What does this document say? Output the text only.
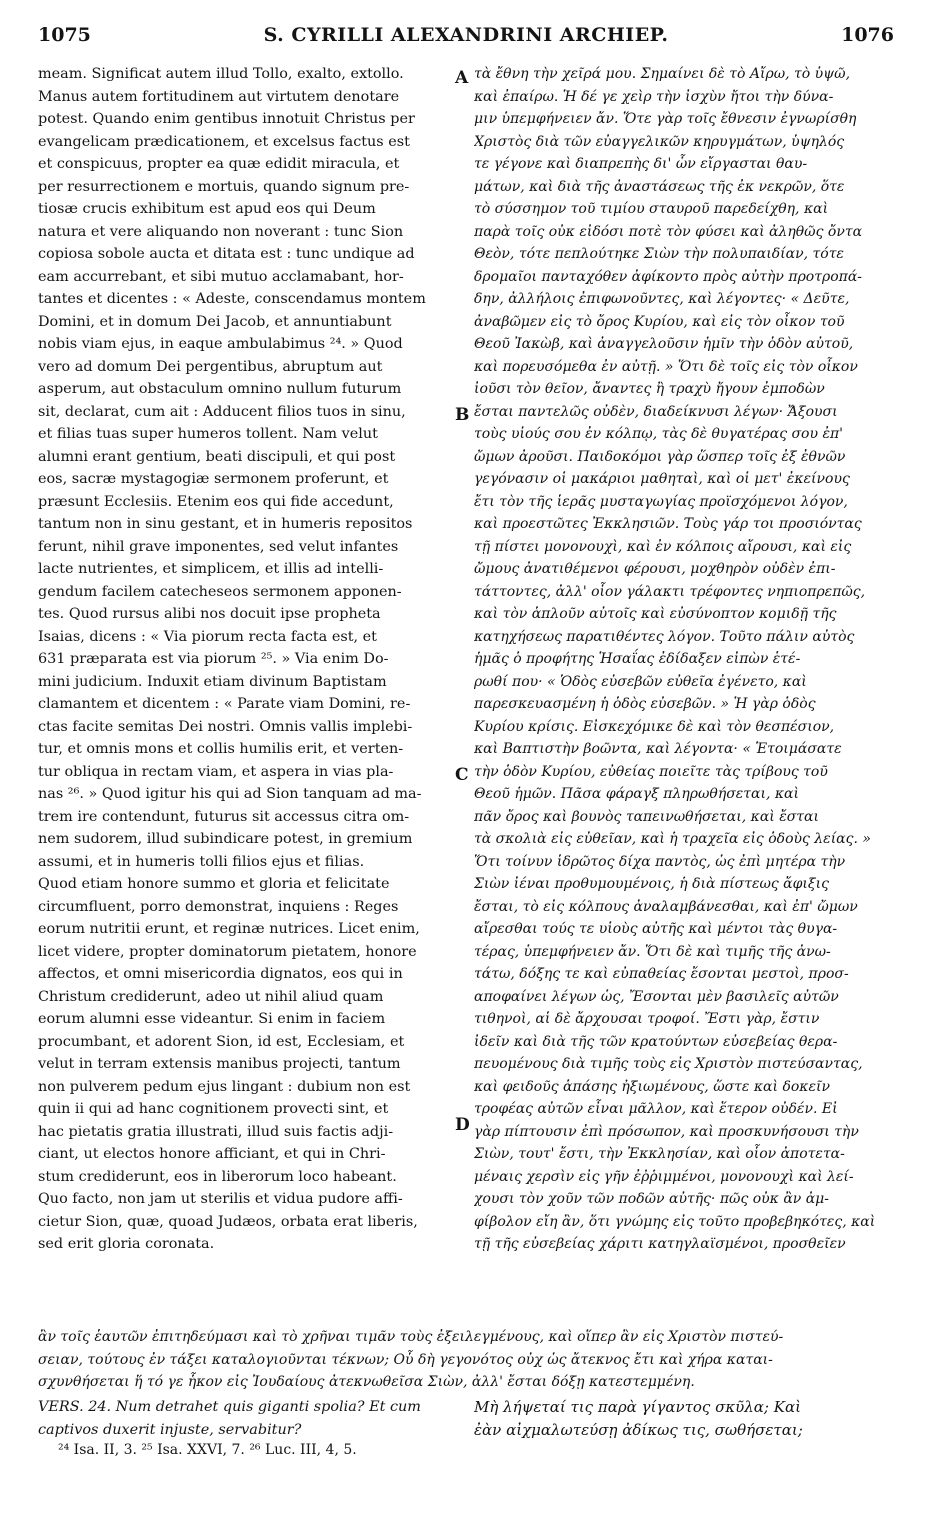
1075	S. CYRILLI ALEXANDRINI ARCHIEP.	1076
meam. Significat autem illud Tollo, exalto, extollo.
Manus autem fortitudinem aut virtutem denotare
potest. Quando enim gentibus innotuit Christus per
evangelicam prædicationem, et excelsus factus est
et conspicuus, propter ea quæ edidit miracula, et
per resurrectionem e mortuis, quando signum pre-
tiosæ crucis exhibitum est apud eos qui Deum
natura et vere aliquando non noverant : tunc Sion
copiosa sobole aucta et ditata est : tunc undique ad
eam accurrebant, et sibi mutuo acclamabant, hor-
tantes et dicentes : « Adeste, conscendamus montem
Domini, et in domum Dei Jacob, et annuntiabunt
nobis viam ejus, in eaque ambulabimus ²⁴. » Quod
vero ad domum Dei pergentibus, abruptum aut
asperum, aut obstaculum omnino nullum futurum
sit, declarat, cum ait : Adducent filios tuos in sinu,
et filias tuas super humeros tollent. Nam velut
alumni erant gentium, beati discipuli, et qui post
eos, sacræ mystagogiæ sermonem proferunt, et
præsunt Ecclesiis. Etenim eos qui fide accedunt,
tantum non in sinu gestant, et in humeris repositos
ferunt, nihil grave imponentes, sed velut infantes
lacte nutrientes, et simplicem, et illis ad intelli-
gendum facilem catecheseos sermonem apponen-
tes. Quod rursus alibi nos docuit ipse propheta
Isaias, dicens : « Via piorum recta facta est, et
631 præparata est via piorum ²⁵. » Via enim Do-
mini judicium. Induxit etiam divinum Baptistam
clamantem et dicentem : « Parate viam Domini, re-
ctas facite semitas Dei nostri. Omnis vallis implebi-
tur, et omnis mons et collis humilis erit, et verten-
tur obliqua in rectam viam, et aspera in vias pla-
nas ²⁶. » Quod igitur his qui ad Sion tanquam ad ma-
trem ire contendunt, futurus sit accessus citra om-
nem sudorem, illud subindicare potest, in gremium
assumi, et in humeris tolli filios ejus et filias.
Quod etiam honore summo et gloria et felicitate
circumfluent, porro demonstrat, inquiens : Reges
eorum nutritii erunt, et reginæ nutrices. Licet enim,
licet videre, propter dominatorum pietatem, honore
affectos, et omni misericordia dignatos, eos qui in
Christum crediderunt, adeo ut nihil aliud quam
eorum alumni esse videantur. Si enim in faciem
procumbant, et adorent Sion, id est, Ecclesiam, et
velut in terram extensis manibus projecti, tantum
non pulverem pedum ejus lingant : dubium non est
quin ii qui ad hanc cognitionem provecti sint, et
hac pietatis gratia illustrati, illud suis factis adji-
ciant, ut electos honore afficiant, et qui in Chri-
stum crediderunt, eos in liberorum loco habeant.
Quo facto, non jam ut sterilis et vidua pudore affi-
cietur Sion, quæ, quoad Judæos, orbata erat liberis,
sed erit gloria coronata.
τὰ ἔθνη τὴν χεῖρά μου. Σημαίνει δὲ τὸ Αἴρω, τὸ ὑψῶ,
καὶ ἐπαίρω. Ἡ δέ γε χεὶρ τὴν ἰσχὺν ἤτοι τὴν δύνα-
μιν ὑπεμφήνειεν ἄν. Ὅτε γὰρ τοῖς ἔθνεσιν ἐγνωρίσθη
Χριστὸς διὰ τῶν εὐαγγελικῶν κηρυγμάτων, ὑψηλός
τε γέγονε καὶ διαπρεπὴς δι' ὧν εἴργασται θαυ-
μάτων, καὶ διὰ τῆς ἀναστάσεως τῆς ἐκ νεκρῶν, ὅτε
τὸ σύσσημον τοῦ τιμίου σταυροῦ παρεδείχθη, καὶ
παρὰ τοῖς οὐκ εἰδόσι ποτὲ τὸν φύσει καὶ ἀληθῶς ὄντα
Θεὸν, τότε πεπλούτηκε Σιὼν τὴν πολυπαιδίαν, τότε
δρομαῖοι πανταχόθεν ἀφίκοντο πρὸς αὐτὴν προτροπά-
δην, ἀλλήλοις ἐπιφωνοῦντες, καὶ λέγοντες· « Δεῦτε,
ἀναβῶμεν εἰς τὸ ὄρος Κυρίου, καὶ εἰς τὸν οἶκον τοῦ
Θεοῦ Ἰακὼβ, καὶ ἀναγγελοῦσιν ἡμῖν τὴν ὁδὸν αὐτοῦ,
καὶ πορευσόμεθα ἐν αὐτῇ. » Ὅτι δὲ τοῖς εἰς τὸν οἶκον
ἰοῦσι τὸν θεῖον, ἄναντες ἢ τραχὺ ἤγουν ἐμποδὼν
ἔσται παντελῶς οὐδὲν, διαδείκνυσι λέγων· Ἄξουσι
τοὺς υἱούς σου ἐν κόλπῳ, τὰς δὲ θυγατέρας σου ἐπ'
ὤμων ἀροῦσι. Παιδοκόμοι γὰρ ὥσπερ τοῖς ἐξ ἐθνῶν
γεγόνασιν οἱ μακάριοι μαθηταὶ, καὶ οἱ μετ' ἐκείνους
ἔτι τὸν τῆς ἱερᾶς μυσταγωγίας προϊσχόμενοι λόγον,
καὶ προεστῶτες Ἐκκλησιῶν. Τοὺς γάρ τοι προσιόντας
τῇ πίστει μονονουχὶ, καὶ ἐν κόλποις αἴρουσι, καὶ εἰς
ὤμους ἀνατιθέμενοι φέρουσι, μοχθηρὸν οὐδὲν ἐπι-
τάττοντες, ἀλλ' οἷον γάλακτι τρέφοντες νηπιοπρεπῶς,
καὶ τὸν ἁπλοῦν αὐτοῖς καὶ εὐσύνοπτον κομιδῇ τῆς
κατηχήσεως παρατιθέντες λόγον. Τοῦτο πάλιν αὐτὸς
ἡμᾶς ὁ προφήτης Ἡσαΐας ἐδίδαξεν εἰπὼν ἑτέ-
ρωθί που· « Ὁδὸς εὐσεβῶν εὐθεῖα ἐγένετο, καὶ
παρεσκευασμένη ἡ ὁδὸς εὐσεβῶν. » Ἡ γὰρ ὁδὸς
Κυρίου κρίσις. Εἰσκεχόμικε δὲ καὶ τὸν θεσπέσιον,
καὶ Βαπτιστὴν βοῶντα, καὶ λέγοντα· « Ἑτοιμάσατε
τὴν ὁδὸν Κυρίου, εὐθείας ποιεῖτε τὰς τρίβους τοῦ
Θεοῦ ἡμῶν. Πᾶσα φάραγξ πληρωθήσεται, καὶ
πᾶν ὄρος καὶ βουνὸς ταπεινωθήσεται, καὶ ἔσται
τὰ σκολιὰ εἰς εὐθεῖαν, καὶ ἡ τραχεῖα εἰς ὁδοὺς λείας. »
Ὅτι τοίνυν ἱδρῶτος δίχα παντὸς, ὡς ἐπὶ μητέρα τὴν
Σιὼν ἰέναι προθυμουμένοις, ἡ διὰ πίστεως ἄφιξις
ἔσται, τὸ εἰς κόλπους ἀναλαμβάνεσθαι, καὶ ἐπ' ὤμων
αἴρεσθαι τούς τε υἱοὺς αὐτῆς καὶ μέντοι τὰς θυγα-
τέρας, ὑπεμφήνειεν ἄν. Ὅτι δὲ καὶ τιμῆς τῆς ἀνω-
τάτω, δόξης τε καὶ εὐπαθείας ἔσονται μεστοὶ, προσ-
αποφαίνει λέγων ὡς, Ἔσονται μὲν βασιλεῖς αὐτῶν
τιθηνοὶ, αἱ δὲ ἄρχουσαι τροφοί. Ἔστι γὰρ, ἔστιν
ἰδεῖν καὶ διὰ τῆς τῶν κρατούντων εὐσεβείας θερα-
πευομένους διὰ τιμῆς τοὺς εἰς Χριστὸν πιστεύσαντας,
καὶ φειδοῦς ἁπάσης ἠξιωμένους, ὥστε καὶ δοκεῖν
τροφέας αὐτῶν εἶναι μᾶλλον, καὶ ἕτερον οὐδέν. Εἰ
γὰρ πίπτουσιν ἐπὶ πρόσωπον, καὶ προσκυνήσουσι τὴν
Σιὼν, τουτ' ἔστι, τὴν Ἐκκλησίαν, καὶ οἷον ἀποτετα-
μέναις χερσὶν εἰς γῆν ἐῤῥιμμένοι, μονονουχὶ καὶ λεί-
χουσι τὸν χοῦν τῶν ποδῶν αὐτῆς· πῶς οὐκ ἂν ἀμ-
φίβολον εἴη ἂν, ὅτι γνώμης εἰς τοῦτο προβεβηκότες, καὶ
τῇ τῆς εὐσεβείας χάριτι κατηγλαϊσμένοι, προσθεῖεν
A
B
C
D
ἂν τοῖς ἑαυτῶν ἐπιτηδεύμασι καὶ τὸ χρῆναι τιμᾶν τοὺς ἐξειλεγμένους, καὶ οἵπερ ἂν εἰς Χριστὸν πιστεύ-
σειαν, τούτους ἐν τάξει καταλογιοῦνται τέκνων; Οὗ δὴ γεγονότος οὐχ ὡς ἄτεκνος ἔτι καὶ χήρα καται-
σχυνθήσεται ἥ τό γε ἧκον εἰς Ἰουδαίους ἀτεκνωθεῖσα Σιὼν, ἀλλ' ἔσται δόξῃ κατεστεμμένη.
VERS. 24. Num detrahet quis giganti spolia? Et cum
captivos duxerit injuste, servabitur?
Μὴ λήψεταί τις παρὰ γίγαντος σκῦλα; Καὶ
ἐὰν αἰχμαλωτεύσῃ ἀδίκως τις, σωθήσεται;
²⁴ Isa. II, 3. ²⁵ Isa. XXVI, 7. ²⁶ Luc. III, 4, 5.
